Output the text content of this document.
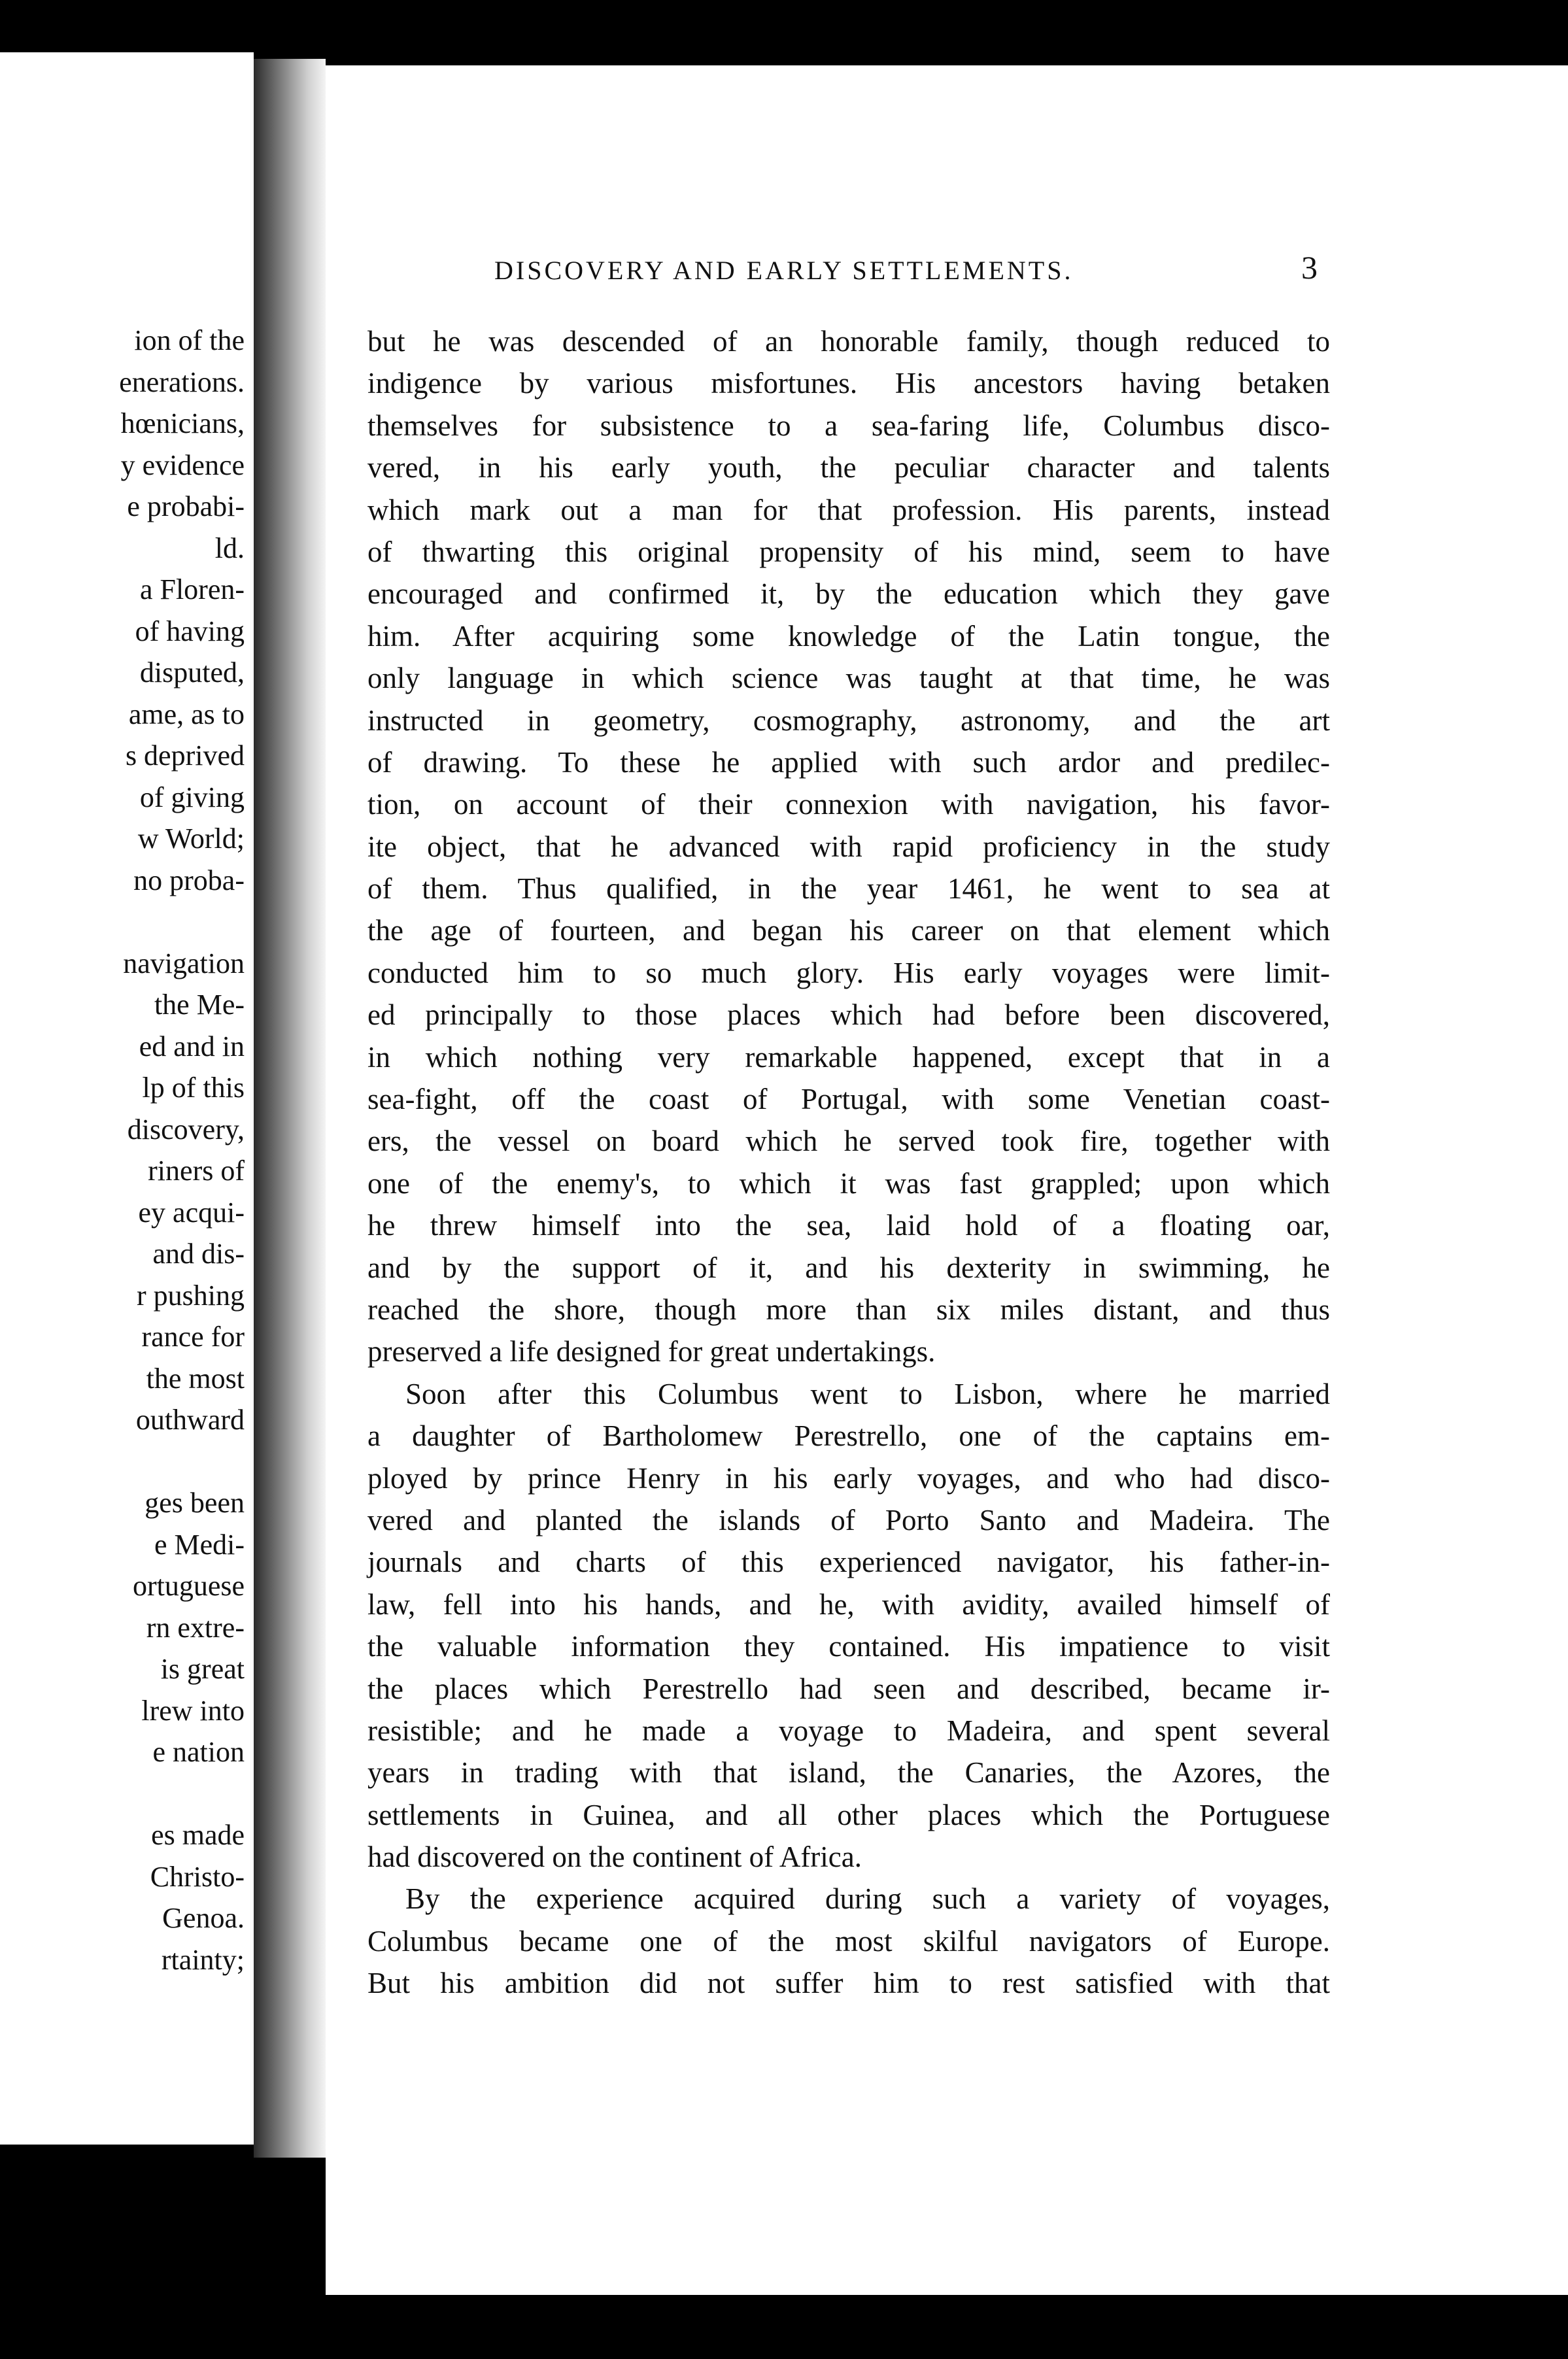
ion of the
enerations.
hœnicians,
y evidence
e probabi-
ld.
a Floren-
of having
disputed,
ame, as to
s deprived
of giving
w World;
no proba-
navigation
the Me-
ed and in
lp of this
discovery,
riners of
ey acqui-
and dis-
r pushing
rance for
the most
outhward
ges been
e Medi-
ortuguese
rn extre-
is great
lrew into
e nation
es made
Christo-
Genoa.
rtainty;
DISCOVERY AND EARLY SETTLEMENTS.	3
but he was descended of an honorable family, though reduced to
indigence by various misfortunes. His ancestors having betaken
themselves for subsistence to a sea-faring life, Columbus disco-
vered, in his early youth, the peculiar character and talents
which mark out a man for that profession. His parents, instead
of thwarting this original propensity of his mind, seem to have
encouraged and confirmed it, by the education which they gave
him. After acquiring some knowledge of the Latin tongue, the
only language in which science was taught at that time, he was
instructed in geometry, cosmography, astronomy, and the art
of drawing. To these he applied with such ardor and predilec-
tion, on account of their connexion with navigation, his favor-
ite object, that he advanced with rapid proficiency in the study
of them. Thus qualified, in the year 1461, he went to sea at
the age of fourteen, and began his career on that element which
conducted him to so much glory. His early voyages were limit-
ed principally to those places which had before been discovered,
in which nothing very remarkable happened, except that in a
sea-fight, off the coast of Portugal, with some Venetian coast-
ers, the vessel on board which he served took fire, together with
one of the enemy's, to which it was fast grappled; upon which
he threw himself into the sea, laid hold of a floating oar,
and by the support of it, and his dexterity in swimming, he
reached the shore, though more than six miles distant, and thus
preserved a life designed for great undertakings.
Soon after this Columbus went to Lisbon, where he married
a daughter of Bartholomew Perestrello, one of the captains em-
ployed by prince Henry in his early voyages, and who had disco-
vered and planted the islands of Porto Santo and Madeira. The
journals and charts of this experienced navigator, his father-in-
law, fell into his hands, and he, with avidity, availed himself of
the valuable information they contained. His impatience to visit
the places which Perestrello had seen and described, became ir-
resistible; and he made a voyage to Madeira, and spent several
years in trading with that island, the Canaries, the Azores, the
settlements in Guinea, and all other places which the Portuguese
had discovered on the continent of Africa.
By the experience acquired during such a variety of voyages,
Columbus became one of the most skilful navigators of Europe.
But his ambition did not suffer him to rest satisfied with that
